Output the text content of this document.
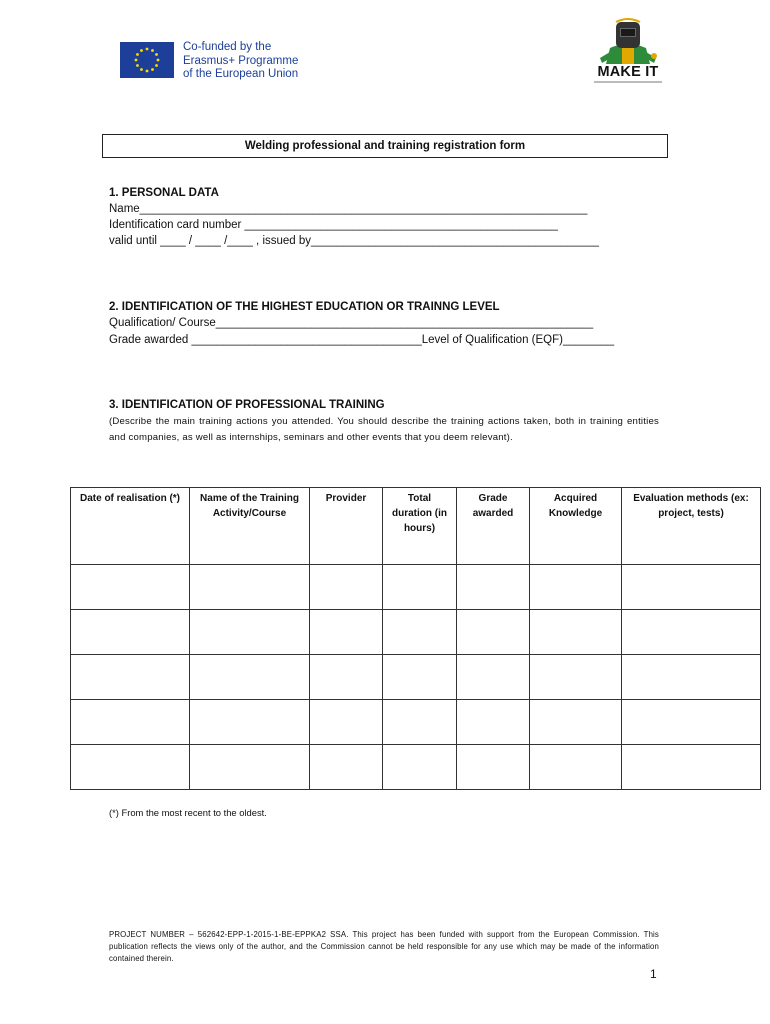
Co-funded by the
Erasmus+ Programme
of the European Union	MAKE IT
Welding professional and training registration form
1. PERSONAL DATA
Name______________________________________________________________________
Identification card number _________________________________________________
valid until ____ / ____ /____ , issued by_____________________________________________
2. IDENTIFICATION OF THE HIGHEST EDUCATION OR TRAINNG LEVEL
Qualification/ Course___________________________________________________________
Grade awarded ____________________________________Level of Qualification (EQF)________
3. IDENTIFICATION OF PROFESSIONAL TRAINING
(Describe the main training actions you attended. You should describe the training actions taken, both in training entities and companies, as well as internships, seminars and other events that you deem relevant).
Date of realisation (*)	Name of the Training Activity/Course	Provider	Total duration (in hours)	Grade awarded	Acquired Knowledge	Evaluation methods (ex: project, tests)

(*) From the most recent to the oldest.
PROJECT NUMBER – 562642-EPP-1-2015-1-BE-EPPKA2 SSA. This project has been funded with support from the European Commission. This publication reflects the views only of the author, and the Commission cannot be held responsible for any use which may be made of the information contained therein.
1
